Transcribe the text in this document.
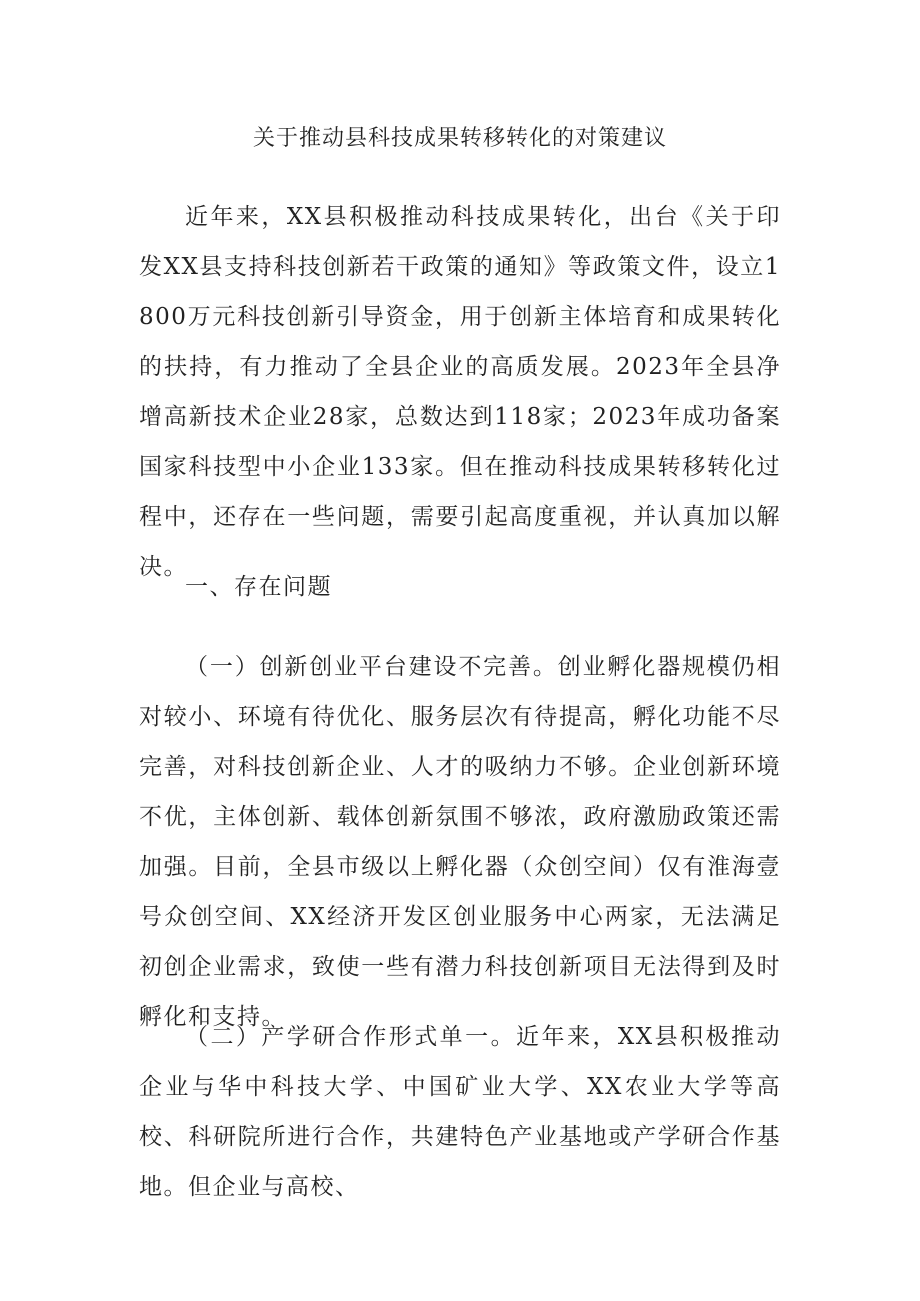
关于推动县科技成果转移转化的对策建议

近年来，XX县积极推动科技成果转化，出台《关于印发XX县支持科技创新若干政策的通知》等政策文件，设立1800万元科技创新引导资金，用于创新主体培育和成果转化的扶持，有力推动了全县企业的高质发展。2023年全县净增高新技术企业28家，总数达到118家；2023年成功备案国家科技型中小企业133家。但在推动科技成果转移转化过程中，还存在一些问题，需要引起高度重视，并认真加以解决。

一、存在问题

（一）创新创业平台建设不完善。创业孵化器规模仍相对较小、环境有待优化、服务层次有待提高，孵化功能不尽完善，对科技创新企业、人才的吸纳力不够。企业创新环境不优，主体创新、载体创新氛围不够浓，政府激励政策还需加强。目前，全县市级以上孵化器（众创空间）仅有淮海壹号众创空间、XX经济开发区创业服务中心两家，无法满足初创企业需求，致使一些有潜力科技创新项目无法得到及时孵化和支持。

（二）产学研合作形式单一。近年来，XX县积极推动企业与华中科技大学、中国矿业大学、XX农业大学等高校、科研院所进行合作，共建特色产业基地或产学研合作基地。但企业与高校、
